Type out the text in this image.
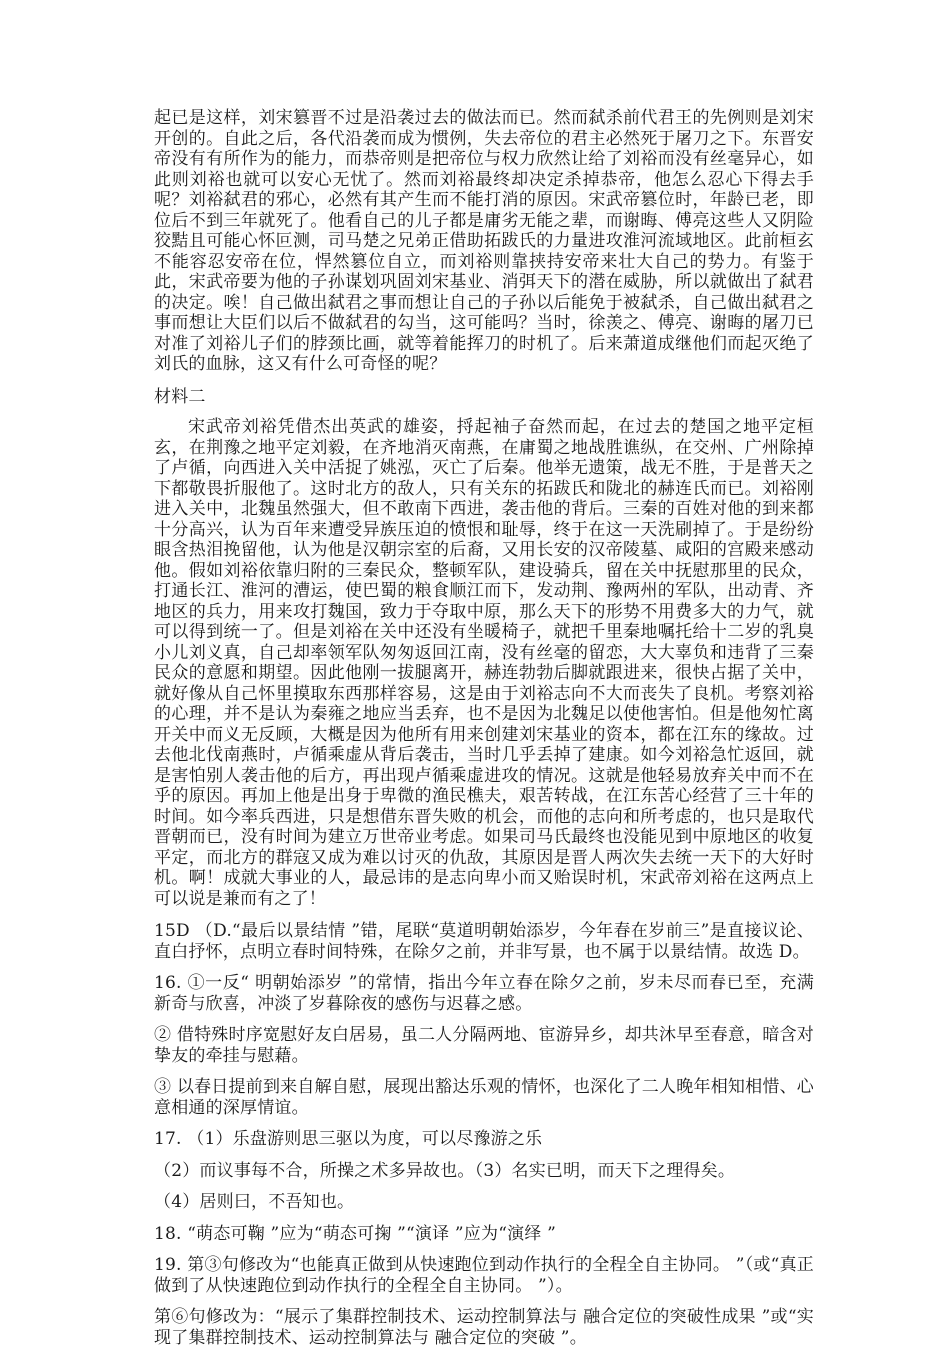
起已是这样，刘宋篡晋不过是沿袭过去的做法而已。然而弑杀前代君王的先例则是刘宋开创的。自此之后，各代沿袭而成为惯例，失去帝位的君主必然死于屠刀之下。东晋安帝没有有所作为的能力，而恭帝则是把帝位与权力欣然让给了刘裕而没有丝毫异心，如此则刘裕也就可以安心无忧了。然而刘裕最终却决定杀掉恭帝，他怎么忍心下得去手呢？刘裕弑君的邪心，必然有其产生而不能打消的原因。宋武帝篡位时，年龄已老，即位后不到三年就死了。他看自己的儿子都是庸劣无能之辈，而谢晦、傅亮这些人又阴险狡黠且可能心怀叵测，司马楚之兄弟正借助拓跋氏的力量进攻淮河流域地区。此前桓玄不能容忍安帝在位，悍然篡位自立，而刘裕则靠挟持安帝来壮大自己的势力。有鉴于此，宋武帝要为他的子孙谋划巩固刘宋基业、消弭天下的潜在威胁，所以就做出了弑君的决定。唉！自己做出弑君之事而想让自己的子孙以后能免于被弑杀，自己做出弑君之事而想让大臣们以后不做弑君的勾当，这可能吗？当时，徐羡之、傅亮、谢晦的屠刀已对准了刘裕儿子们的脖颈比画，就等着能挥刀的时机了。后来萧道成继他们而起灭绝了刘氏的血脉，这又有什么可奇怪的呢？

材料二

宋武帝刘裕凭借杰出英武的雄姿，捋起袖子奋然而起，在过去的楚国之地平定桓玄，在荆豫之地平定刘毅，在齐地消灭南燕，在庸蜀之地战胜谯纵，在交州、广州除掉了卢循，向西进入关中活捉了姚泓，灭亡了后秦。他举无遗策，战无不胜，于是普天之下都敬畏折服他了。这时北方的敌人，只有关东的拓跋氏和陇北的赫连氏而已。刘裕刚进入关中，北魏虽然强大，但不敢南下西进，袭击他的背后。三秦的百姓对他的到来都十分高兴，认为百年来遭受异族压迫的愤恨和耻辱，终于在这一天洗刷掉了。于是纷纷眼含热泪挽留他，认为他是汉朝宗室的后裔，又用长安的汉帝陵墓、咸阳的宫殿来感动他。假如刘裕依靠归附的三秦民众，整顿军队，建设骑兵，留在关中抚慰那里的民众，打通长江、淮河的漕运，使巴蜀的粮食顺江而下，发动荆、豫两州的军队，出动青、齐地区的兵力，用来攻打魏国，致力于夺取中原，那么天下的形势不用费多大的力气，就可以得到统一了。但是刘裕在关中还没有坐暖椅子，就把千里秦地嘱托给十二岁的乳臭小儿刘义真，自己却率领军队匆匆返回江南，没有丝毫的留恋，大大辜负和违背了三秦民众的意愿和期望。因此他刚一拔腿离开，赫连勃勃后脚就跟进来，很快占据了关中，就好像从自己怀里摸取东西那样容易，这是由于刘裕志向不大而丧失了良机。考察刘裕的心理，并不是认为秦雍之地应当丢弃，也不是因为北魏足以使他害怕。但是他匆忙离开关中而义无反顾，大概是因为他所有用来创建刘宋基业的资本，都在江东的缘故。过去他北伐南燕时，卢循乘虚从背后袭击，当时几乎丢掉了建康。如今刘裕急忙返回，就是害怕别人袭击他的后方，再出现卢循乘虚进攻的情况。这就是他轻易放弃关中而不在乎的原因。再加上他是出身于卑微的渔民樵夫，艰苦转战，在江东苦心经营了三十年的时间。如今率兵西进，只是想借东晋失败的机会，而他的志向和所考虑的，也只是取代晋朝而已，没有时间为建立万世帝业考虑。如果司马氏最终也没能见到中原地区的收复平定，而北方的群寇又成为难以讨灭的仇敌，其原因是晋人两次失去统一天下的大好时机。啊！成就大事业的人，最忌讳的是志向卑小而又贻误时机，宋武帝刘裕在这两点上可以说是兼而有之了！

15D （D.“最后以景结情 ”错，尾联“莫道明朝始添岁，今年春在岁前三”是直接议论、直白抒怀，点明立春时间特殊，在除夕之前，并非写景，也不属于以景结情。故选 D。

16. ①一反“ 明朝始添岁 ”的常情，指出今年立春在除夕之前，岁未尽而春已至，充满新奇与欣喜，冲淡了岁暮除夜的感伤与迟暮之感。

② 借特殊时序宽慰好友白居易，虽二人分隔两地、宦游异乡，却共沐早至春意，暗含对挚友的牵挂与慰藉。

③ 以春日提前到来自解自慰，展现出豁达乐观的情怀，也深化了二人晚年相知相惜、心意相通的深厚情谊。

17. （1）乐盘游则思三驱以为度，可以尽豫游之乐

（2）而议事每不合，所操之术多异故也。（3）名实已明，而天下之理得矣。

（4）居则曰，不吾知也。

18. “萌态可鞠 ”应为“萌态可掬 ”“演译 ”应为“演绎 ”

19. 第③句修改为“也能真正做到从快速跑位到动作执行的全程全自主协同。 ”（或“真正做到了从快速跑位到动作执行的全程全自主协同。 ”）。

第⑥句修改为：“展示了集群控制技术、运动控制算法与 融合定位的突破性成果 ”或“实现了集群控制技术、运动控制算法与 融合定位的突破 ”。
